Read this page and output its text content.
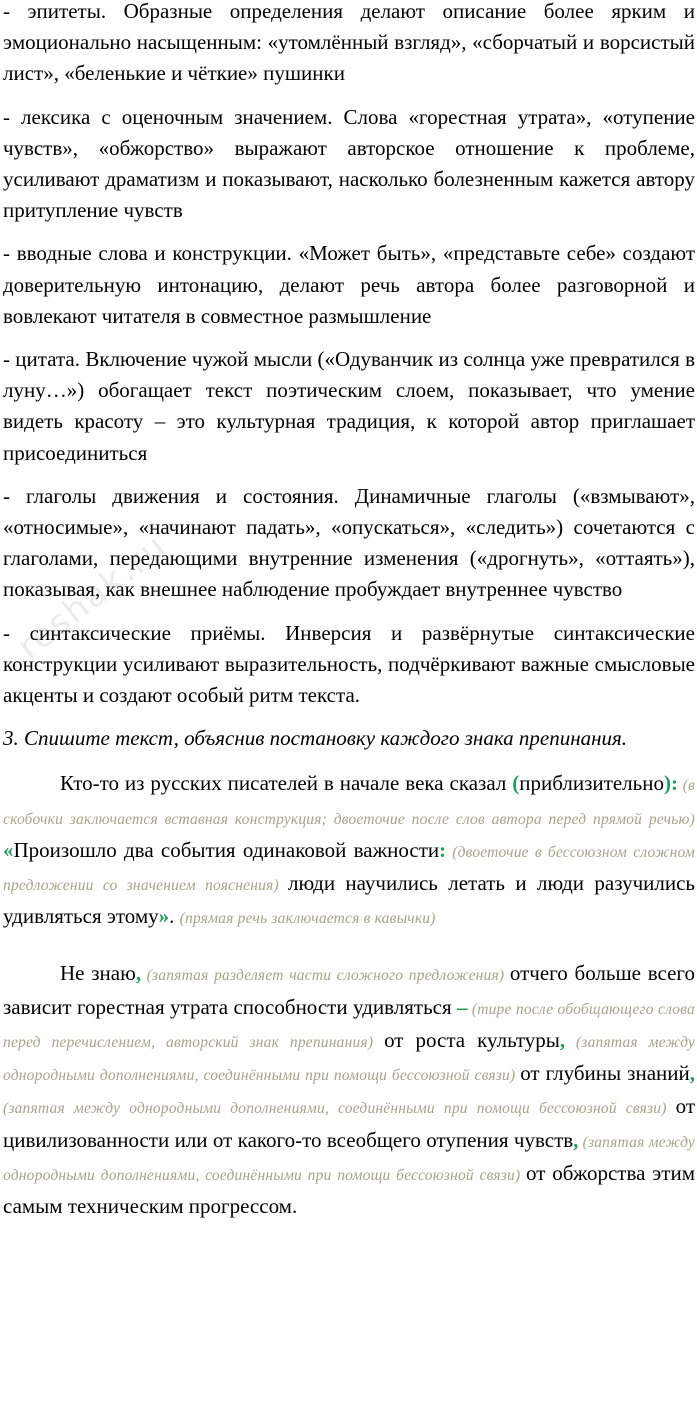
- эпитеты. Образные определения делают описание более ярким и эмоционально насыщенным: «утомлённый взгляд», «сборчатый и ворсистый лист», «беленькие и чёткие» пушинки

- лексика с оценочным значением. Слова «горестная утрата», «отупение чувств», «обжорство» выражают авторское отношение к проблеме, усиливают драматизм и показывают, насколько болезненным кажется автору притупление чувств

- вводные слова и конструкции. «Может быть», «представьте себе» создают доверительную интонацию, делают речь автора более разговорной и вовлекают читателя в совместное размышление

- цитата. Включение чужой мысли («Одуванчик из солнца уже превратился в луну…») обогащает текст поэтическим слоем, показывает, что умение видеть красоту – это культурная традиция, к которой автор приглашает присоединиться

- глаголы движения и состояния. Динамичные глаголы («взмывают», «относимые», «начинают падать», «опускаться», «следить») сочетаются с глаголами, передающими внутренние изменения («дрогнуть», «оттаять»), показывая, как внешнее наблюдение пробуждает внутреннее чувство

- синтаксические приёмы. Инверсия и развёрнутые синтаксические конструкции усиливают выразительность, подчёркивают важные смысловые акценты и создают особый ритм текста.

3. Спишите текст, объяснив постановку каждого знака препинания.

Кто-то из русских писателей в начале века сказал (приблизительно): (в скобочки заключается вставная конструкция; двоеточие после слов автора перед прямой речью) «Произошло два события одинаковой важности: (двоеточие в бессоюзном сложном предложении со значением пояснения) люди научились летать и люди разучились удивляться этому». (прямая речь заключается в кавычки)

Не знаю, (запятая разделяет части сложного предложения) отчего больше всего зависит горестная утрата способности удивляться – (тире после обобщающего слова перед перечислением, авторский знак препинания) от роста культуры, (запятая между однородными дополнениями, соединёнными при помощи бессоюзной связи) от глубины знаний, (запятая между однородными дополнениями, соединёнными при помощи бессоюзной связи) от цивилизованности или от какого-то всеобщего отупения чувств, (запятая между однородными дополнениями, соединёнными при помощи бессоюзной связи) от обжорства этим самым техническим прогрессом.

reshak.ru
